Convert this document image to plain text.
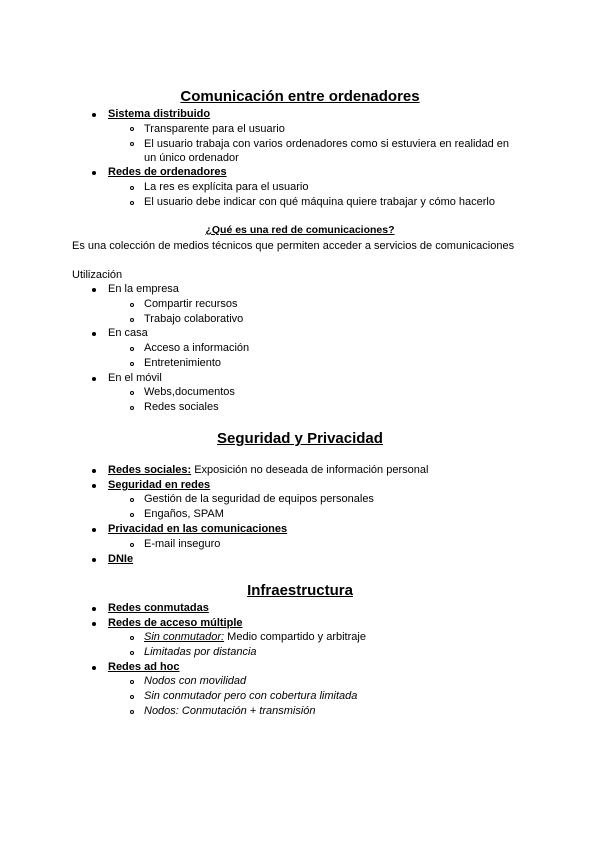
Comunicación entre ordenadores
Sistema distribuido
Transparente para el usuario
El usuario trabaja con varios ordenadores como si estuviera en realidad en
un único ordenador
Redes de ordenadores
La res es explícita para el usuario
El usuario debe indicar con qué máquina quiere trabajar y cómo hacerlo
¿Qué es una red de comunicaciones?
Es una colección de medios técnicos que permiten acceder a servicios de comunicaciones
Utilización
En la empresa
Compartir recursos
Trabajo colaborativo
En casa
Acceso a información
Entretenimiento
En el móvil
Webs,documentos
Redes sociales
Seguridad y Privacidad
Redes sociales: Exposición no deseada de información personal
Seguridad en redes
Gestión de la seguridad de equipos personales
Engaños, SPAM
Privacidad en las comunicaciones
E-mail inseguro
DNIe
Infraestructura
Redes conmutadas
Redes de acceso múltiple
Sin conmutador: Medio compartido y arbitraje
Limitadas por distancia
Redes ad hoc
Nodos con movilidad
Sin conmutador pero con cobertura limitada
Nodos: Conmutación + transmisión
